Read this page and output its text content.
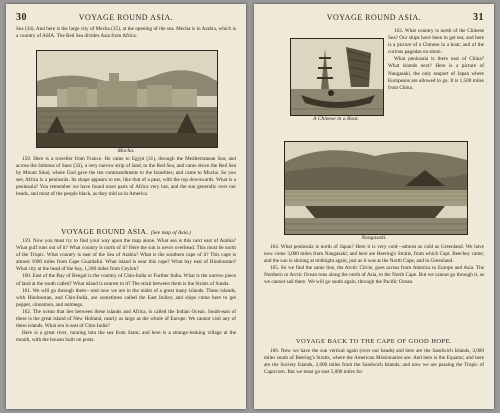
30	VOYAGE ROUND ASIA.

Sea (34). And here is the large city of Mecha (35), at the opening of the sea. Mecha is in Arabia, which is a country of ASIA. The Red Sea divides Asia from Africa.

Mocha.

158. Here is a traveller from France. He came to Egypt (31), through the Mediterranean Sea; and across the Isthmus of Suez (33), a very narrow strip of land, to the Red Sea, and came down the Red Sea by Mount Sinai, where God gave the ten commandments to the Israelites; and came to Mocha. So you see, Africa is a peninsula. Its shape appears to me, like that of a pear, with the top downwards. What is a peninsula? You remember we have found most parts of Africa very hot, and the sun generally over our heads, and most of the people black, as they told us in America.

VOYAGE ROUND ASIA. (See map of Asia.)

159. Now you must try to find your way upon the map alone. What sea is this next east of Arabia? What gulf runs out of it? What country is north of it? Here the sun is never overhead. This must be north of the Tropic. What country is east of the Sea of Arabia? What is the southern cape of it? This cape is almost 1000 miles from Cape Guardafui. What island is near this cape? What bay east of Hindoostan? What city at the head of the bay, 1,200 miles from Ceylon?

160. East of the Bay of Bengal is the country of Chin-India or Further India. What is the narrow piece of land at the south called? What island is nearest to it? The strait between them is the Straits of Sunda.

161. We will go through them—and now we are in the midst of a great many islands. These islands, with Hindoostan, and Chin-India, are sometimes called the East Indies; and ships come here to get pepper, cinnamon, and nutmegs.

162. The ocean that lies between these islands and Africa, is called the Indian Ocean. South-east of these is the great island of New Holland, nearly as large as the whole of Europe. We cannot visit any of these islands. What sea is east of Chin-India?

Here is a great river, running into the sea from Siam; and here is a strange-looking village at the mouth, with the houses built on posts.

VOYAGE ROUND ASIA.	31
A Chinese in a Boat.

163. What country is north of the Chinese Sea? Our ships have been to get tea; and here is a picture of a Chinese in a boat; and of the curious pagodas on shore.

What peninsula is there east of China? What islands next? Here is a picture of Nangasaki, the only seaport of Japan where Europeans are allowed to go. It is 1,500 miles from China.

Nangasaki.

164. What peninsula is north of Japan? Here it is very cold—almost as cold as Greenland. We have now come 3,000 miles from Nangasaki; and here are Beering's Straits, from which Capt. Beechey came; and the sun is shining at midnight again, just as it was at the North Cape, and in Greenland.

165. So we find the same line, the Arctic Circle, goes across from America to Europe and Asia. The Northern or Arctic Ocean runs along the north of Asia, to the North Cape. But we cannot go through it, as we cannot sail there. We will go south again, through the Pacific Ocean.

VOYAGE BACK TO THE CAPE OF GOOD HOPE.

166. Now we have the sun vertical again (over our heads) and here are the Sandwich Islands, 3,000 miles south of Beering's Straits, where the American Missionaries are. And here is the Equator; and here are the Society Islands, 2,000 miles from the Sandwich Islands; and now we are passing the Tropic of Capricorn. But we must go east 5,000 miles for
